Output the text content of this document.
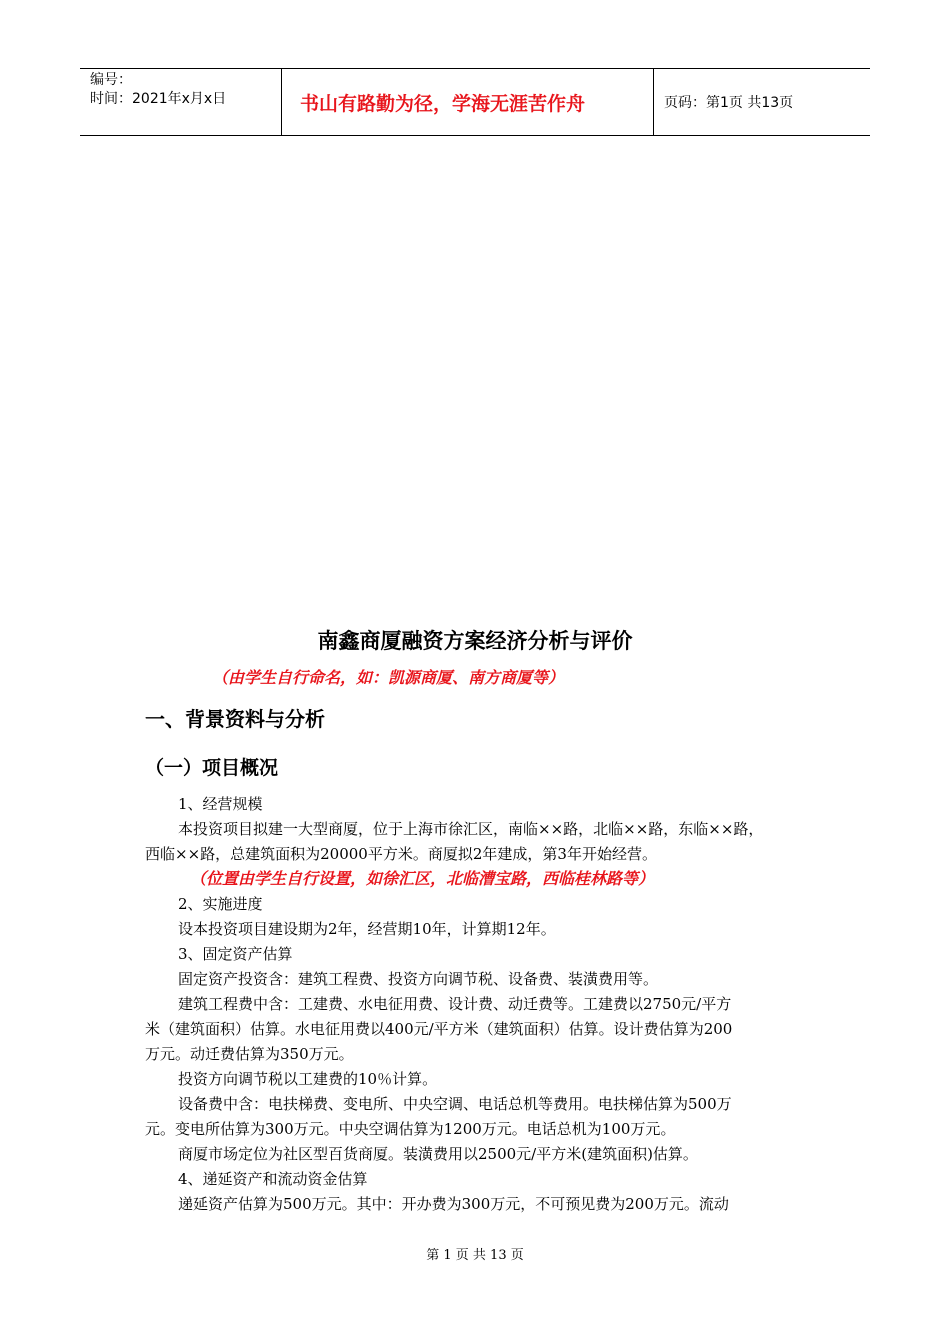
编号：
时间：2021年x月x日	书山有路勤为径，学海无涯苦作舟	页码：第1页 共13页
南鑫商厦融资方案经济分析与评价
（由学生自行命名，如：凯源商厦、南方商厦等）
一、背景资料与分析
（一）项目概况
1、经营规模
本投资项目拟建一大型商厦，位于上海市徐汇区，南临××路，北临××路，东临××路，
西临××路，总建筑面积为20000平方米。商厦拟2年建成，第3年开始经营。
（位置由学生自行设置，如徐汇区，北临漕宝路，西临桂林路等）
2、实施进度
设本投资项目建设期为2年，经营期10年，计算期12年。
3、固定资产估算
固定资产投资含：建筑工程费、投资方向调节税、设备费、装潢费用等。
建筑工程费中含：工建费、水电征用费、设计费、动迁费等。工建费以2750元/平方
米（建筑面积）估算。水电征用费以400元/平方米（建筑面积）估算。设计费估算为200
万元。动迁费估算为350万元。
投资方向调节税以工建费的10％计算。
设备费中含：电扶梯费、变电所、中央空调、电话总机等费用。电扶梯估算为500万
元。变电所估算为300万元。中央空调估算为1200万元。电话总机为100万元。
商厦市场定位为社区型百货商厦。装潢费用以2500元/平方米(建筑面积)估算。
4、递延资产和流动资金估算
递延资产估算为500万元。其中：开办费为300万元，不可预见费为200万元。流动
第 1 页 共 13 页
